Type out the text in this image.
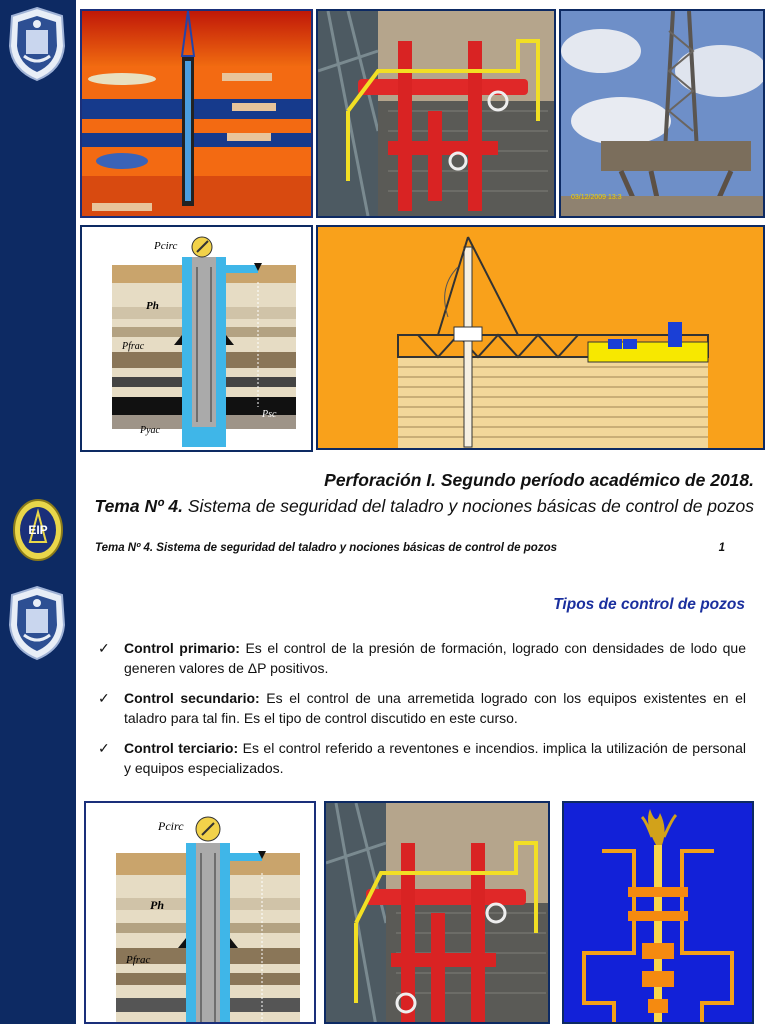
EIP
03/12/2009 13:3
Pcirc
Ph
Pfrac
Pyac
Psc
Perforación I. Segundo período académico de 2018.
Tema Nº 4. Sistema de seguridad del taladro y nociones básicas de control de pozos
Tema Nº 4. Sistema de seguridad del taladro y nociones básicas de control de pozos	1
Tipos de control de pozos
✓ Control primario: Es el control de la presión de formación, logrado con densidades de lodo que generen valores de ΔP positivos.
✓ Control secundario: Es el control de una arremetida logrado con los equipos existentes en el taladro para tal fin. Es el tipo de control discutido en este curso.
✓ Control terciario: Es el control referido a reventones e incendios. implica la utilización de personal y equipos especializados.
Pcirc
Ph
Pfrac
